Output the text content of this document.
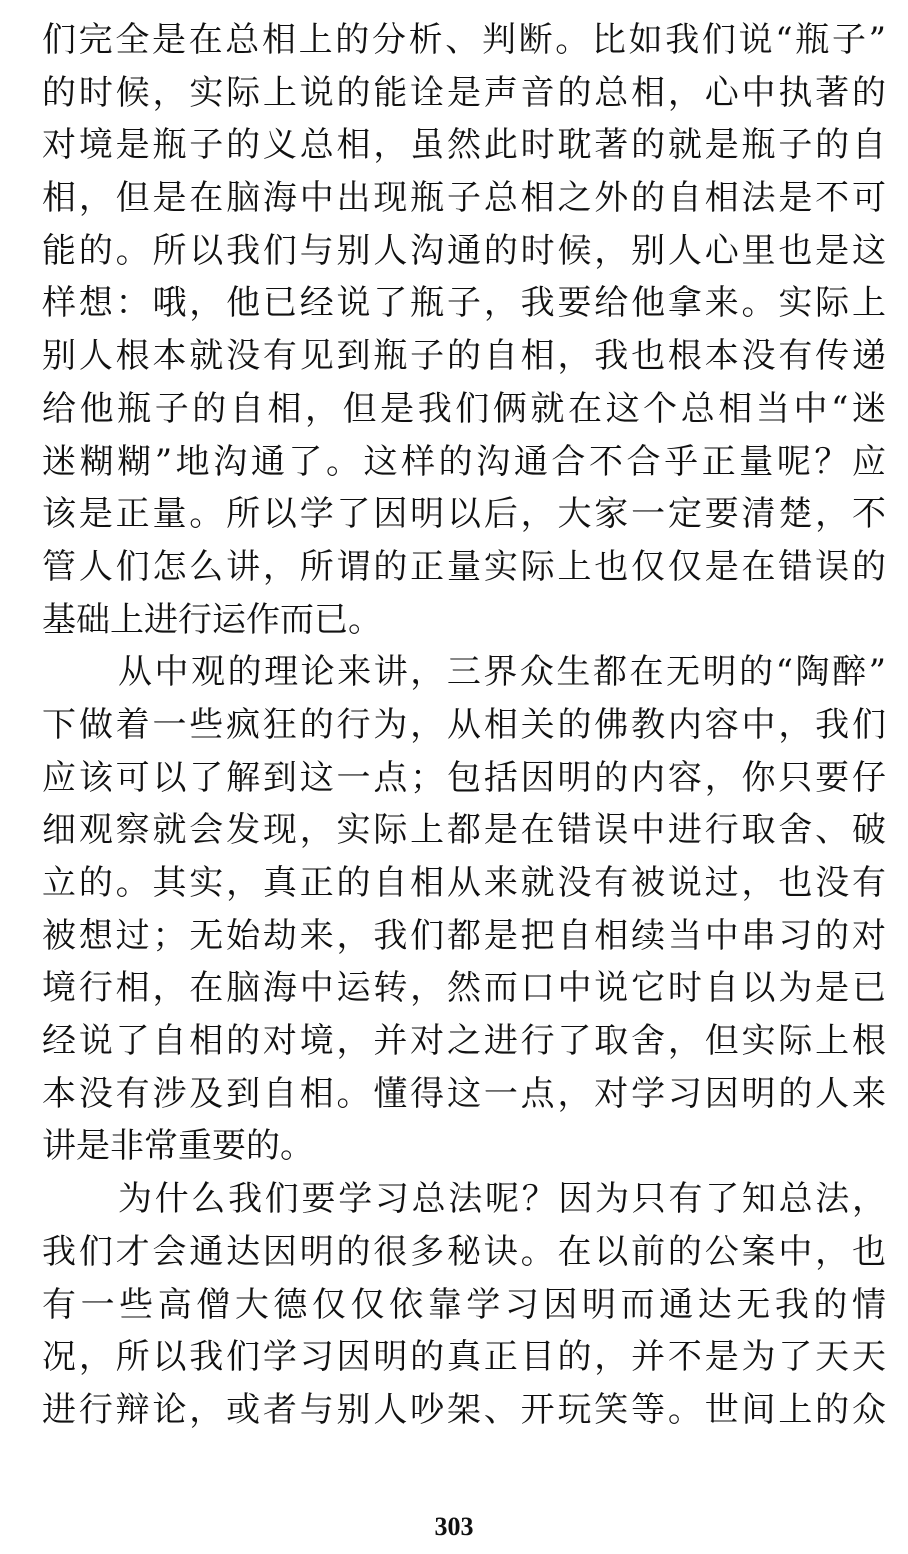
们完全是在总相上的分析、判断。比如我们说“瓶子”
的时候，实际上说的能诠是声音的总相，心中执著的
对境是瓶子的义总相，虽然此时耽著的就是瓶子的自
相，但是在脑海中出现瓶子总相之外的自相法是不可
能的。所以我们与别人沟通的时候，别人心里也是这
样想：哦，他已经说了瓶子，我要给他拿来。实际上
别人根本就没有见到瓶子的自相，我也根本没有传递
给他瓶子的自相，但是我们俩就在这个总相当中“迷
迷糊糊”地沟通了。这样的沟通合不合乎正量呢？应
该是正量。所以学了因明以后，大家一定要清楚，不
管人们怎么讲，所谓的正量实际上也仅仅是在错误的
基础上进行运作而已。
从中观的理论来讲，三界众生都在无明的“陶醉”
下做着一些疯狂的行为，从相关的佛教内容中，我们
应该可以了解到这一点；包括因明的内容，你只要仔
细观察就会发现，实际上都是在错误中进行取舍、破
立的。其实，真正的自相从来就没有被说过，也没有
被想过；无始劫来，我们都是把自相续当中串习的对
境行相，在脑海中运转，然而口中说它时自以为是已
经说了自相的对境，并对之进行了取舍，但实际上根
本没有涉及到自相。懂得这一点，对学习因明的人来
讲是非常重要的。
为什么我们要学习总法呢？因为只有了知总法，
我们才会通达因明的很多秘诀。在以前的公案中，也
有一些高僧大德仅仅依靠学习因明而通达无我的情
况，所以我们学习因明的真正目的，并不是为了天天
进行辩论，或者与别人吵架、开玩笑等。世间上的众
303
